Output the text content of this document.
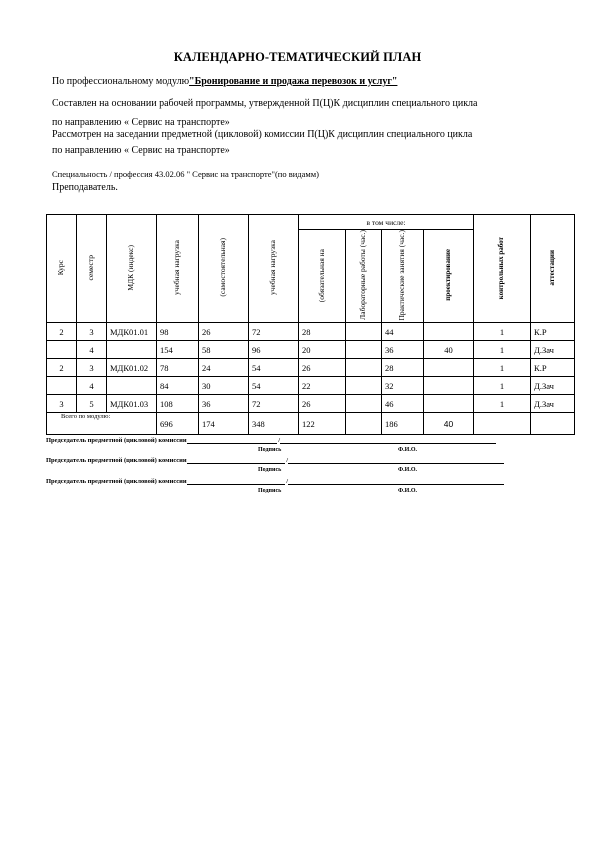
КАЛЕНДАРНО-ТЕМАТИЧЕСКИЙ ПЛАН
По профессиональному модулю"Бронирование и продажа перевозок и услуг"
Составлен на основании рабочей программы, утвержденной П(Ц)К дисциплин специального цикла
по направлению « Сервис на транспорте»
Рассмотрен на заседании предметной (цикловой) комиссии П(Ц)К дисциплин специального цикла
по направлению « Сервис на транспорте»
Специальность / профессия 43.02.06 " Сервис на транспорте"(по видамм)
Преподаватель.
Курс	семестр	МДК (индекс)	учебная нагрузка	(самостоятельная)	учебная нагрузка	в том числе:				контрольных работ	аттестации
						(обязательная на	Лабораторные работы (час.)	Практические занятия (час.)	проектирование		
2	3	МДК01.01	98	26	72	28		44		1	К.Р
	4		154	58	96	20		36	40	1	Д.Зач
2	3	МДК01.02	78	24	54	26		28		1	К.Р
	4		84	30	54	22		32		1	Д.Зач
3	5	МДК01.03	108	36	72	26		46		1	Д.Зач
Всего по модулю:			696	174	348	122		186	40		
Председатель предметной (цикловой) комиссии	/
Подпись	Ф.И.О.
Председатель предметной (цикловой) комиссии	/
Подпись	Ф.И.О.
Председатель предметной (цикловой) комиссии	/
Подпись	Ф.И.О.
